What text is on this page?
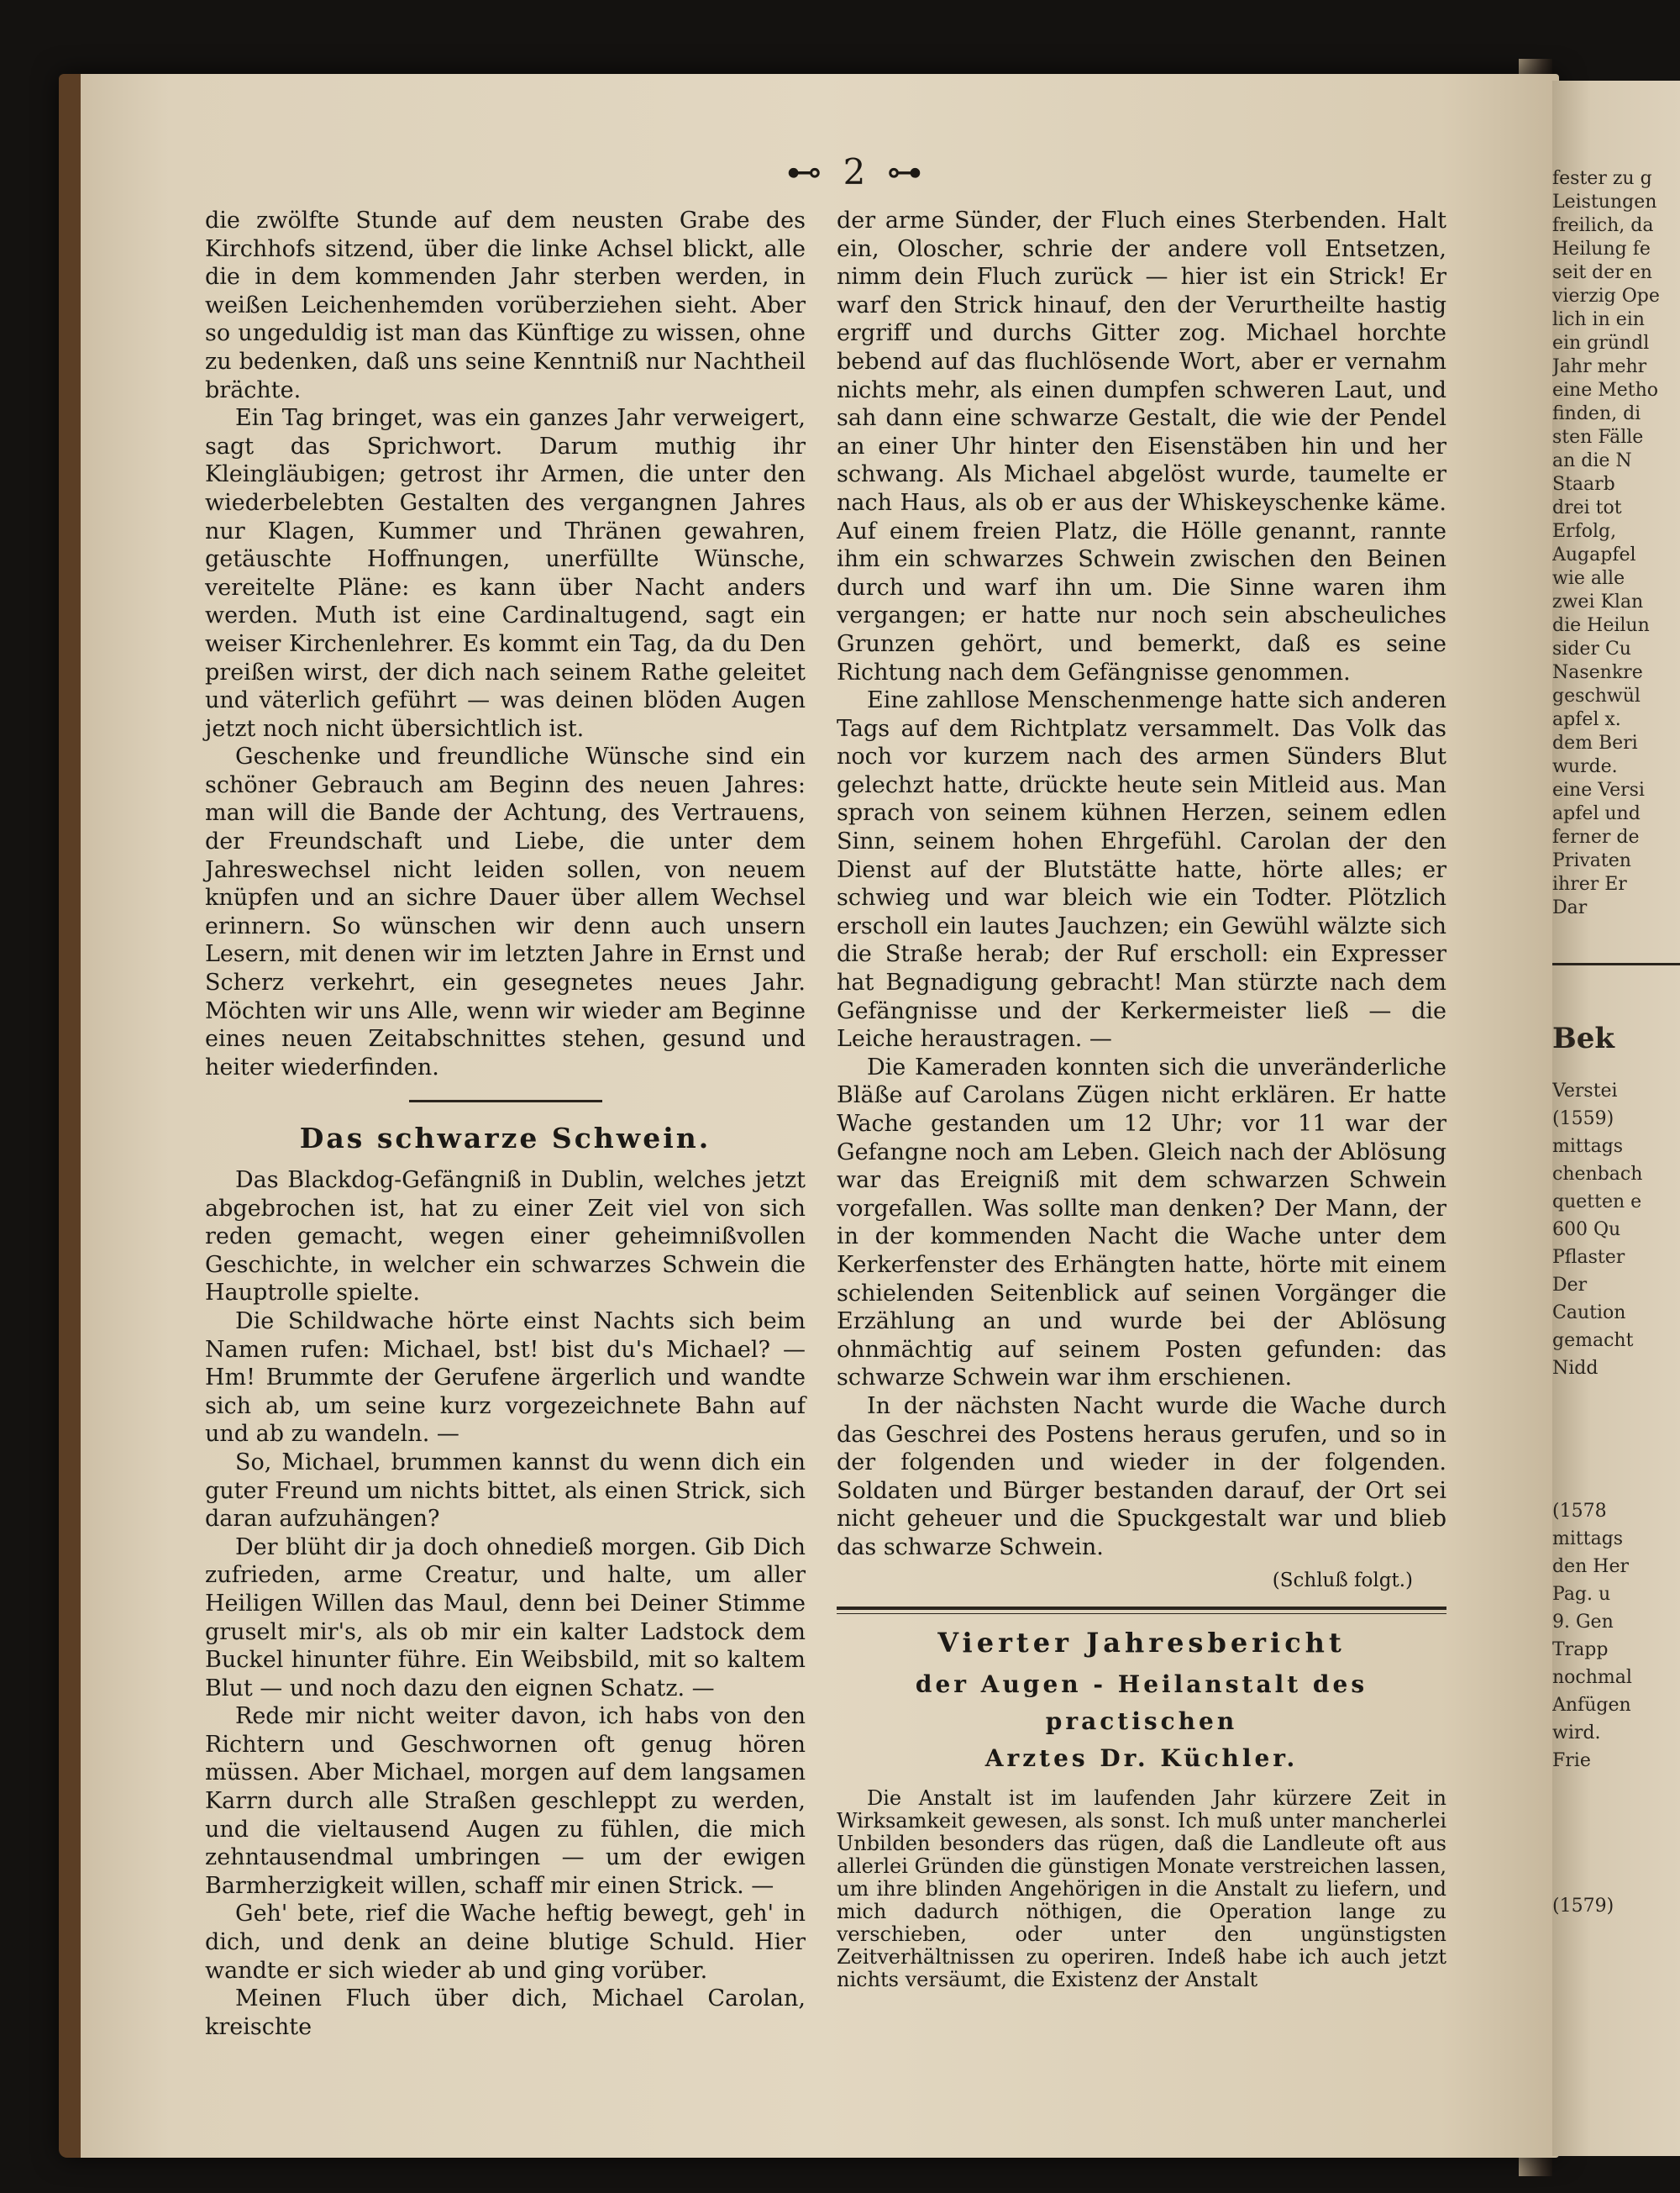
⊷ 2 ⊶

die zwölfte Stunde auf dem neusten Grabe des Kirchhofs sitzend, über die linke Achsel blickt, alle die in dem kommenden Jahr sterben werden, in weißen Leichenhemden vorüberziehen sieht. Aber so ungeduldig ist man das Künftige zu wissen, ohne zu bedenken, daß uns seine Kenntniß nur Nachtheil brächte.

Ein Tag bringet, was ein ganzes Jahr verweigert, sagt das Sprichwort. Darum muthig ihr Kleingläubigen; getrost ihr Armen, die unter den wiederbelebten Gestalten des vergangnen Jahres nur Klagen, Kummer und Thränen gewahren, getäuschte Hoffnungen, unerfüllte Wünsche, vereitelte Pläne: es kann über Nacht anders werden. Muth ist eine Cardinaltugend, sagt ein weiser Kirchenlehrer. Es kommt ein Tag, da du Den preißen wirst, der dich nach seinem Rathe geleitet und väterlich geführt — was deinen blöden Augen jetzt noch nicht übersichtlich ist.

Geschenke und freundliche Wünsche sind ein schöner Gebrauch am Beginn des neuen Jahres: man will die Bande der Achtung, des Vertrauens, der Freundschaft und Liebe, die unter dem Jahreswechsel nicht leiden sollen, von neuem knüpfen und an sichre Dauer über allem Wechsel erinnern. So wünschen wir denn auch unsern Lesern, mit denen wir im letzten Jahre in Ernst und Scherz verkehrt, ein gesegnetes neues Jahr. Möchten wir uns Alle, wenn wir wieder am Beginne eines neuen Zeitabschnittes stehen, gesund und heiter wiederfinden.

Das schwarze Schwein.

Das Blackdog-Gefängniß in Dublin, welches jetzt abgebrochen ist, hat zu einer Zeit viel von sich reden gemacht, wegen einer geheimnißvollen Geschichte, in welcher ein schwarzes Schwein die Hauptrolle spielte.

Die Schildwache hörte einst Nachts sich beim Namen rufen: Michael, bst! bist du's Michael? — Hm! Brummte der Gerufene ärgerlich und wandte sich ab, um seine kurz vorgezeichnete Bahn auf und ab zu wandeln. —

So, Michael, brummen kannst du wenn dich ein guter Freund um nichts bittet, als einen Strick, sich daran aufzuhängen?

Der blüht dir ja doch ohnedieß morgen. Gib Dich zufrieden, arme Creatur, und halte, um aller Heiligen Willen das Maul, denn bei Deiner Stimme gruselt mir's, als ob mir ein kalter Ladstock dem Buckel hinunter führe. Ein Weibsbild, mit so kaltem Blut — und noch dazu den eignen Schatz. —

Rede mir nicht weiter davon, ich habs von den Richtern und Geschwornen oft genug hören müssen. Aber Michael, morgen auf dem langsamen Karrn durch alle Straßen geschleppt zu werden, und die vieltausend Augen zu fühlen, die mich zehntausendmal umbringen — um der ewigen Barmherzigkeit willen, schaff mir einen Strick. —

Geh' bete, rief die Wache heftig bewegt, geh' in dich, und denk an deine blutige Schuld. Hier wandte er sich wieder ab und ging vorüber.

Meinen Fluch über dich, Michael Carolan, kreischte

der arme Sünder, der Fluch eines Sterbenden. Halt ein, Oloscher, schrie der andere voll Entsetzen, nimm dein Fluch zurück — hier ist ein Strick! Er warf den Strick hinauf, den der Verurtheilte hastig ergriff und durchs Gitter zog. Michael horchte bebend auf das fluchlösende Wort, aber er vernahm nichts mehr, als einen dumpfen schweren Laut, und sah dann eine schwarze Gestalt, die wie der Pendel an einer Uhr hinter den Eisenstäben hin und her schwang. Als Michael abgelöst wurde, taumelte er nach Haus, als ob er aus der Whiskeyschenke käme. Auf einem freien Platz, die Hölle genannt, rannte ihm ein schwarzes Schwein zwischen den Beinen durch und warf ihn um. Die Sinne waren ihm vergangen; er hatte nur noch sein abscheuliches Grunzen gehört, und bemerkt, daß es seine Richtung nach dem Gefängnisse genommen.

Eine zahllose Menschenmenge hatte sich anderen Tags auf dem Richtplatz versammelt. Das Volk das noch vor kurzem nach des armen Sünders Blut gelechzt hatte, drückte heute sein Mitleid aus. Man sprach von seinem kühnen Herzen, seinem edlen Sinn, seinem hohen Ehrgefühl. Carolan der den Dienst auf der Blutstätte hatte, hörte alles; er schwieg und war bleich wie ein Todter. Plötzlich erscholl ein lautes Jauchzen; ein Gewühl wälzte sich die Straße herab; der Ruf erscholl: ein Expresser hat Begnadigung gebracht! Man stürzte nach dem Gefängnisse und der Kerkermeister ließ — die Leiche heraustragen. —

Die Kameraden konnten sich die unveränderliche Bläße auf Carolans Zügen nicht erklären. Er hatte Wache gestanden um 12 Uhr; vor 11 war der Gefangne noch am Leben. Gleich nach der Ablösung war das Ereigniß mit dem schwarzen Schwein vorgefallen. Was sollte man denken? Der Mann, der in der kommenden Nacht die Wache unter dem Kerkerfenster des Erhängten hatte, hörte mit einem schielenden Seitenblick auf seinen Vorgänger die Erzählung an und wurde bei der Ablösung ohnmächtig auf seinem Posten gefunden: das schwarze Schwein war ihm erschienen.

In der nächsten Nacht wurde die Wache durch das Geschrei des Postens heraus gerufen, und so in der folgenden und wieder in der folgenden. Soldaten und Bürger bestanden darauf, der Ort sei nicht geheuer und die Spuckgestalt war und blieb das schwarze Schwein.

(Schluß folgt.)
Vierter Jahresbericht
der Augen - Heilanstalt des practischen
Arztes Dr. Küchler.

Die Anstalt ist im laufenden Jahr kürzere Zeit in Wirksamkeit gewesen, als sonst. Ich muß unter mancherlei Unbilden besonders das rügen, daß die Landleute oft aus allerlei Gründen die günstigen Monate verstreichen lassen, um ihre blinden Angehörigen in die Anstalt zu liefern, und mich dadurch nöthigen, die Operation lange zu verschieben, oder unter den ungünstigsten Zeitverhältnissen zu operiren. Indeß habe ich auch jetzt nichts versäumt, die Existenz der Anstalt

fester zu g
Leistungen
freilich, da
Heilung fe
seit der en
vierzig Ope
lich in ein
ein gründl
Jahr mehr
eine Metho
finden, di
sten Fälle
an die N
Staarb
drei tot
Erfolg,
Augapfel
wie alle
zwei Klan
die Heilun
sider Cu
Nasenkre
geschwül
apfel x.
dem Beri
wurde.
eine Versi
apfel und
ferner de
Privaten
ihrer Er
Dar
Bek
Verstei
(1559)
mittags
chenbach
quetten e
600 Qu
Pflaster
Der
Caution
gemacht
Nidd
(1578
mittags
den Her
Pag. u
9. Gen
Trapp
nochmal
Anfügen
wird.
Frie
(1579)
